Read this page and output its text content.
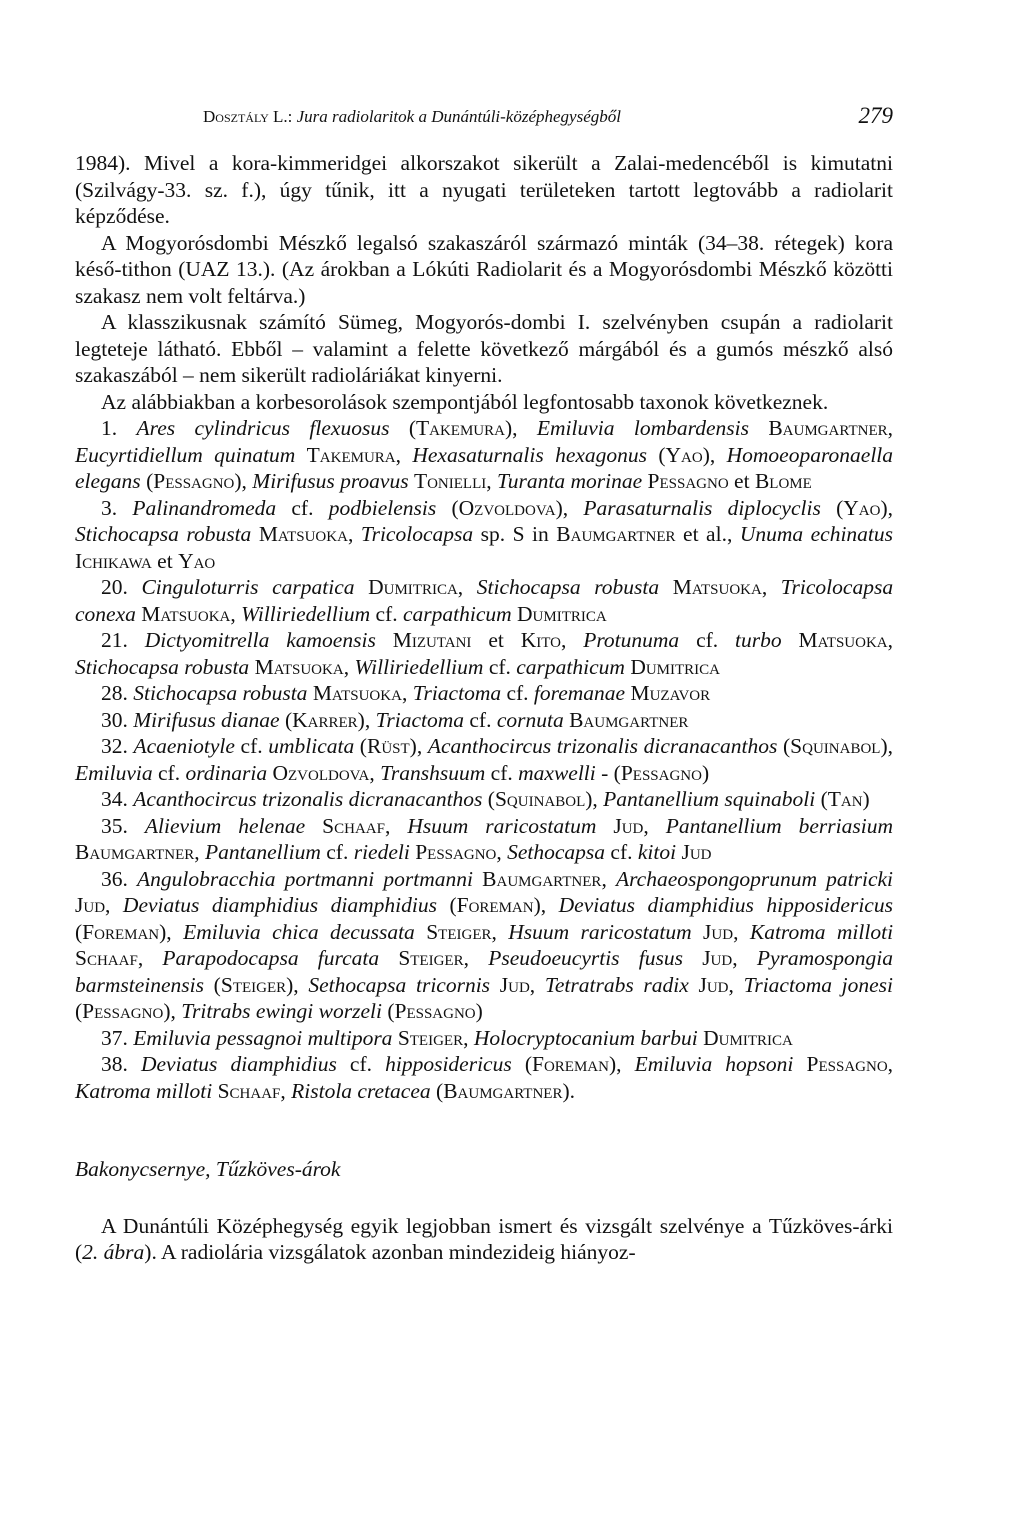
Dosztály L.: Jura radiolaritok a Dunántúli-középhegységből	279

1984). Mivel a kora-kimmeridgei alkorszakot sikerült a Zalai-medencéből is kimutatni (Szilvágy-33. sz. f.), úgy tűnik, itt a nyugati területeken tartott legtovább a radiolarit képződése.

A Mogyorósdombi Mészkő legalsó szakaszáról származó minták (34–38. rétegek) kora késő-tithon (UAZ 13.). (Az árokban a Lókúti Radiolarit és a Mogyorósdombi Mészkő közötti szakasz nem volt feltárva.)

A klasszikusnak számító Sümeg, Mogyorós-dombi I. szelvényben csupán a radiolarit legteteje látható. Ebből – valamint a felette következő márgából és a gumós mészkő alsó szakaszából – nem sikerült radioláriákat kinyerni.

Az alábbiakban a korbesorolások szempontjából legfontosabb taxonok következnek.

1. Ares cylindricus flexuosus (Takemura), Emiluvia lombardensis Baumgartner, Eucyrtidiellum quinatum Takemura, Hexasaturnalis hexagonus (Yao), Homoeoparonaella elegans (Pessagno), Mirifusus proavus Tonielli, Turanta morinae Pessagno et Blome

3. Palinandromeda cf. podbielensis (Ozvoldova), Parasaturnalis diplocyclis (Yao), Stichocapsa robusta Matsuoka, Tricolocapsa sp. S in Baumgartner et al., Unuma echinatus Ichikawa et Yao

20. Cinguloturris carpatica Dumitrica, Stichocapsa robusta Matsuoka, Tricolocapsa conexa Matsuoka, Williriedellium cf. carpathicum Dumitrica

21. Dictyomitrella kamoensis Mizutani et Kito, Protunuma cf. turbo Matsuoka, Stichocapsa robusta Matsuoka, Williriedellium cf. carpathicum Dumitrica

28. Stichocapsa robusta Matsuoka, Triactoma cf. foremanae Muzavor

30. Mirifusus dianae (Karrer), Triactoma cf. cornuta Baumgartner

32. Acaeniotyle cf. umblicata (Rüst), Acanthocircus trizonalis dicranacanthos (Squinabol), Emiluvia cf. ordinaria Ozvoldova, Transhsuum cf. maxwelli - (Pessagno)

34. Acanthocircus trizonalis dicranacanthos (Squinabol), Pantanellium squinaboli (Tan)

35. Alievium helenae Schaaf, Hsuum raricostatum Jud, Pantanellium berriasium Baumgartner, Pantanellium cf. riedeli Pessagno, Sethocapsa cf. kitoi Jud

36. Angulobracchia portmanni portmanni Baumgartner, Archaeospongoprunum patricki Jud, Deviatus diamphidius diamphidius (Foreman), Deviatus diamphidius hipposidericus (Foreman), Emiluvia chica decussata Steiger, Hsuum raricostatum Jud, Katroma milloti Schaaf, Parapodocapsa furcata Steiger, Pseudoeucyrtis fusus Jud, Pyramospongia barmsteinensis (Steiger), Sethocapsa tricornis Jud, Tetratrabs radix Jud, Triactoma jonesi (Pessagno), Tritrabs ewingi worzeli (Pessagno)

37. Emiluvia pessagnoi multipora Steiger, Holocryptocanium barbui Dumitrica

38. Deviatus diamphidius cf. hipposidericus (Foreman), Emiluvia hopsoni Pessagno, Katroma milloti Schaaf, Ristola cretacea (Baumgartner).

Bakonycsernye, Tűzköves-árok

A Dunántúli Középhegység egyik legjobban ismert és vizsgált szelvénye a Tűzköves-árki (2. ábra). A radiolária vizsgálatok azonban mindezideig hiányoz-
